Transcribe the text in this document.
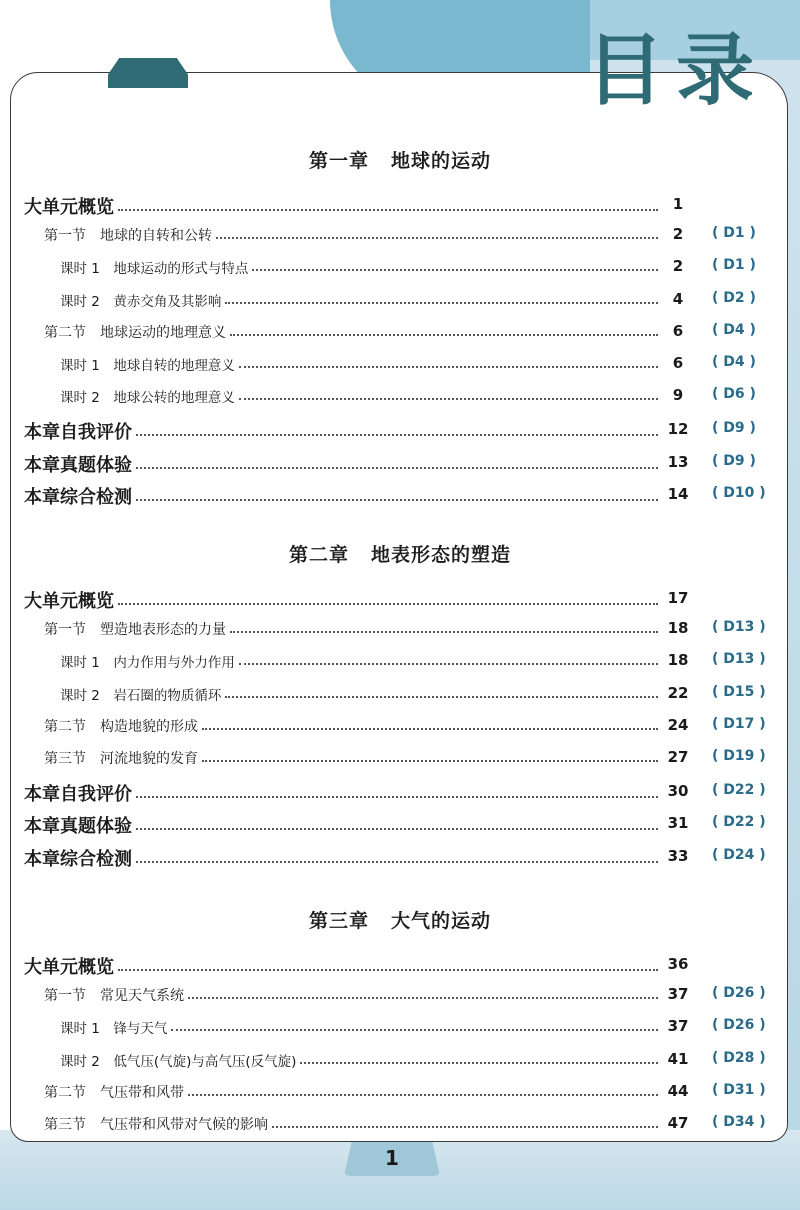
目录
第一章 地球的运动
大单元概览	1
第一节　地球的自转和公转	2	( D1 )
课时 1　地球运动的形式与特点	2	( D1 )
课时 2　黄赤交角及其影响	4	( D2 )
第二节　地球运动的地理意义	6	( D4 )
课时 1　地球自转的地理意义	6	( D4 )
课时 2　地球公转的地理意义	9	( D6 )
本章自我评价	12	( D9 )
本章真题体验	13	( D9 )
本章综合检测	14	( D10 )
第二章 地表形态的塑造
大单元概览	17
第一节　塑造地表形态的力量	18	( D13 )
课时 1　内力作用与外力作用	18	( D13 )
课时 2　岩石圈的物质循环	22	( D15 )
第二节　构造地貌的形成	24	( D17 )
第三节　河流地貌的发育	27	( D19 )
本章自我评价	30	( D22 )
本章真题体验	31	( D22 )
本章综合检测	33	( D24 )
第三章 大气的运动
大单元概览	36
第一节　常见天气系统	37	( D26 )
课时 1　锋与天气	37	( D26 )
课时 2　低气压(气旋)与高气压(反气旋)	41	( D28 )
第二节　气压带和风带	44	( D31 )
第三节　气压带和风带对气候的影响	47	( D34 )
1
